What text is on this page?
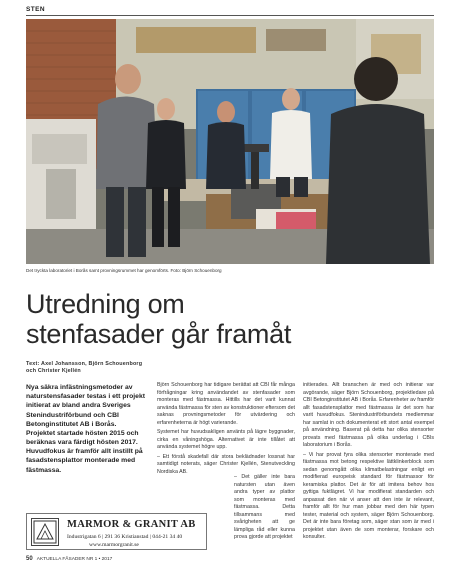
STEN
Det tryckta laboratoriet i Borås samt provningsrummet har genomförts. Foto: Björn Schouenborg
Utredning om
stenfasader går framåt
Text: Axel Johansson, Björn Schouenborg och Christer Kjellén
Nya säkra infästningsmetoder av naturstensfasader testas i ett projekt initierat av bland andra Sveriges Stenindustriförbund och CBI Betonginstitutet AB i Borås. Projektet startade hösten 2015 och beräknas vara färdigt hösten 2017. Huvudfokus är framför allt instillt på fasadstensplattor monterade med fästmassa.

Björn Schouenborg har tidigare berättat att CBI får många förfrågningar kring användandet av stenfasader som monteras med fästmassa. Hittills har det varit kunnat använda fästmassa för sten av konstruktioner eftersom det saknas provningsmetoder för utvärdering och erfarenheterna är högt varierande.

Systemet har huvudsakligen använts på lägre byggnader, cirka en våningshöga. Alternativet är inte tillåtet att använda systemet högre upp.

– Ett förstå skadefall där stora beklädnader lossnat har samtidigt noterats, säger Christer Kjellén, Stenutveckling Nordiska AB.

– Det gäller inte bara natursten utan även andra typer av plattor som monteras med fästmassa. Detta tillsammans med svårigheten att ge lämpliga råd eller kunna prova gjorde att projektet

initierades. Allt branschen är med och initierar var avgörande, säger Björn Schouenborg, projektledare på CBI Betonginstitutet AB i Borås. Erfarenheter av framför allt fasadstensplattor med fästmassa är det som har varit huvudfokus. Stenindustriförbundets medlemmar har samlat in och dokumenterat ett stort antal exempel på användning. Baserat på detta har olika stensorter provats med fästmassa på olika underlag i CBIs laboratorium i Borås.

– Vi har provat fyra olika stensorter monterade med fästmassa mot betong respektive lättklinkerblock som sedan genomgått olika klimatbelastningar enligt en modifierad europeisk standard för fästmassor för keramiska plattor. Det är för att imitera behov hos gyttiga fuktlägret. Vi har modifierat standarden och anpassat den när vi anser att den inte är relevant, framför allt för hur man jobbar med den här typen tester, material och system, säger Björn Schouenborg. Det är inte bara företag som, säger stan som är med i projektet utan även de som monterar, forskare och konsulter.

MARMOR & GRANIT AB
Industrigatan 6 | 291 36 Kristianstad | 044-21 34 40
www.marmorgranit.se
50 AKTUELLA FÅSADER NR 1 • 2017
